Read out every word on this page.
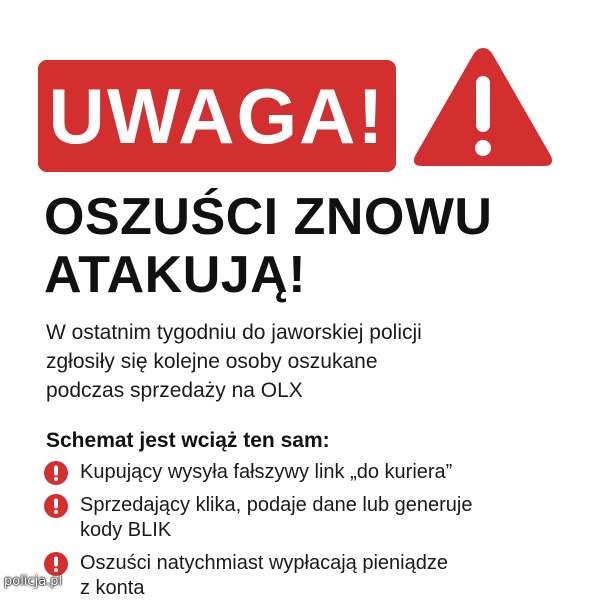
UWAGA!
OSZUŚCI ZNOWU
ATAKUJĄ!
W ostatnim tygodniu do jaworskiej policji
zgłosiły się kolejne osoby oszukane
podczas sprzedaży na OLX
Schemat jest wciąż ten sam:
Kupujący wysyła fałszywy link „do kuriera”
Sprzedający klika, podaje dane lub generuje
kody BLIK
Oszuści natychmiast wypłacają pieniądze
z konta
policja.pl
